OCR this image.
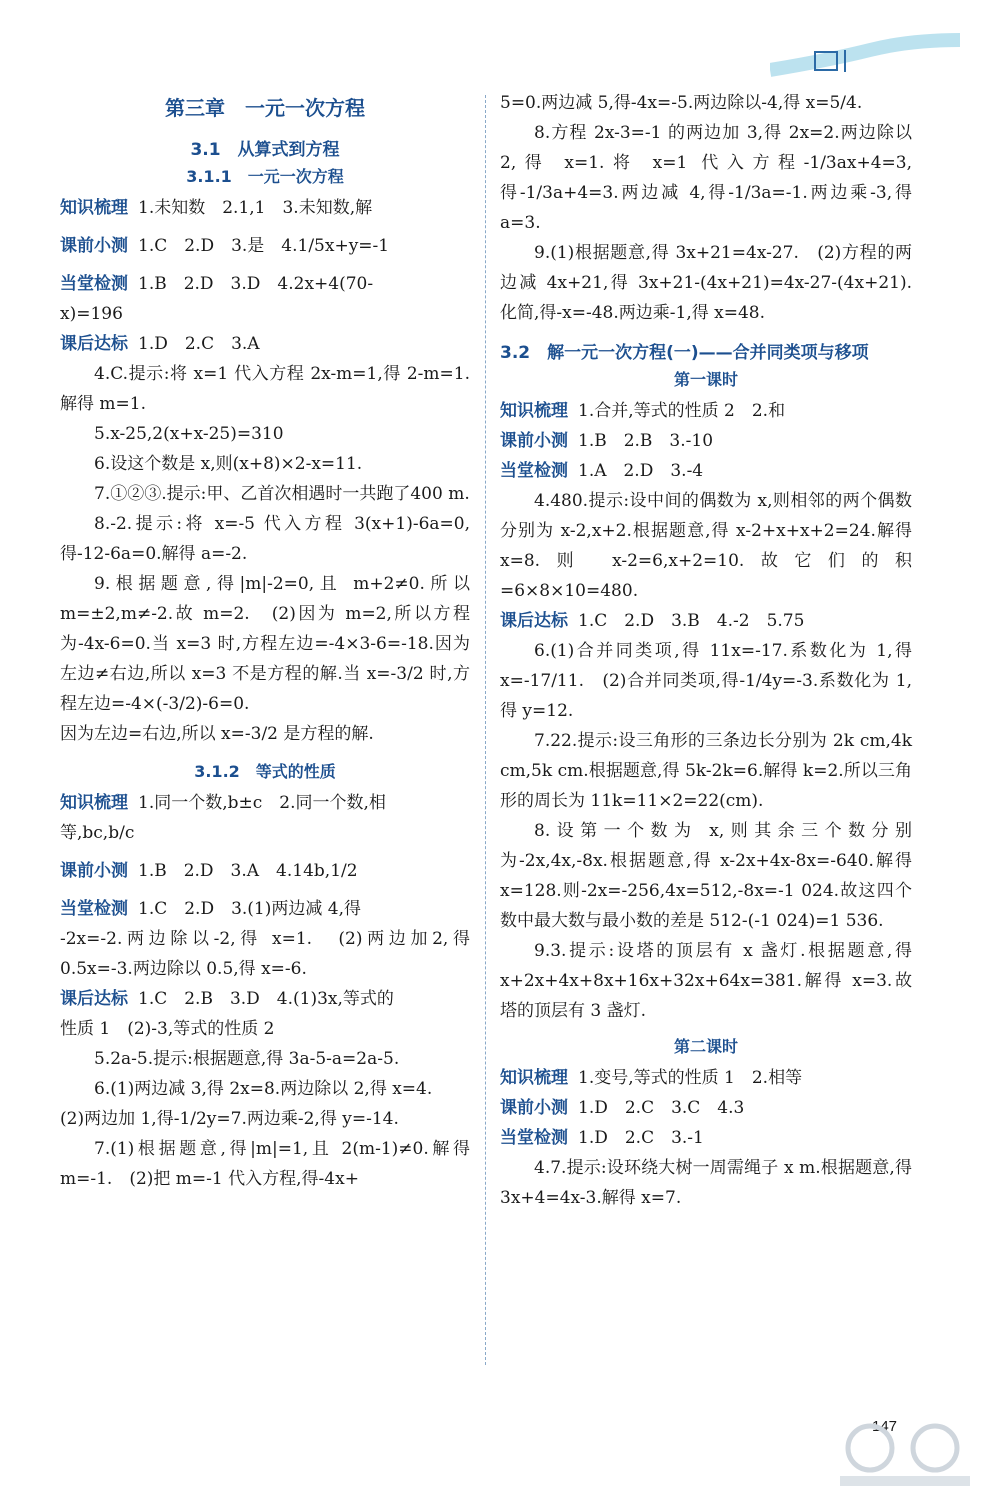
第三章　一元一次方程
3.1　从算式到方程
3.1.1　一元一次方程

知识梳理 1.未知数　2.1,1　3.未知数,解

课前小测 1.C　2.D　3.是　4.1/5x+y=-1

当堂检测 1.B　2.D　3.D　4.2x+4(70-

x)=196

课后达标 1.D　2.C　3.A

4.C.提示:将 x=1 代入方程 2x-m=1,得 2-m=1.解得 m=1.

5.x-25,2(x+x-25)=310

6.设这个数是 x,则(x+8)×2-x=11.

7.①②③.提示:甲、乙首次相遇时一共跑了400 m.

8.-2.提示:将 x=-5 代入方程 3(x+1)-6a=0,得-12-6a=0.解得 a=-2.

9.根据题意,得|m|-2=0,且 m+2≠0.所以 m=±2,m≠-2.故 m=2.　(2)因为 m=2,所以方程为-4x-6=0.当 x=3 时,方程左边=-4×3-6=-18.因为左边≠右边,所以 x=3 不是方程的解.当 x=-3/2 时,方程左边=-4×(-3/2)-6=0.

因为左边=右边,所以 x=-3/2 是方程的解.

3.1.2　等式的性质

知识梳理 1.同一个数,b±c　2.同一个数,相

等,bc,b/c

课前小测 1.B　2.D　3.A　4.14b,1/2

当堂检测 1.C　2.D　3.(1)两边减 4,得

-2x=-2.两边除以-2,得 x=1.　(2)两边加2,得 0.5x=-3.两边除以 0.5,得 x=-6.

课后达标 1.C　2.B　3.D　4.(1)3x,等式的

性质 1　(2)-3,等式的性质 2

5.2a-5.提示:根据题意,得 3a-5-a=2a-5.

6.(1)两边减 3,得 2x=8.两边除以 2,得 x=4.

(2)两边加 1,得-1/2y=7.两边乘-2,得 y=-14.

7.(1)根据题意,得|m|=1,且 2(m-1)≠0.解得 m=-1.　(2)把 m=-1 代入方程,得-4x+

5=0.两边减 5,得-4x=-5.两边除以-4,得 x=5/4.

8.方程 2x-3=-1 的两边加 3,得 2x=2.两边除以 2,得 x=1.将 x=1 代入方程-1/3ax+4=3,得-1/3a+4=3.两边减 4,得-1/3a=-1.两边乘-3,得 a=3.

9.(1)根据题意,得 3x+21=4x-27.　(2)方程的两边减 4x+21,得 3x+21-(4x+21)=4x-27-(4x+21).化简,得-x=-48.两边乘-1,得 x=48.

3.2　解一元一次方程(一)——合并同类项与移项
第一课时

知识梳理 1.合并,等式的性质 2　2.和

课前小测 1.B　2.B　3.-10

当堂检测 1.A　2.D　3.-4

4.480.提示:设中间的偶数为 x,则相邻的两个偶数分别为 x-2,x+2.根据题意,得 x-2+x+x+2=24.解得 x=8.则 x-2=6,x+2=10.故它们的积=6×8×10=480.

课后达标 1.C　2.D　3.B　4.-2　5.75

6.(1)合并同类项,得 11x=-17.系数化为 1,得 x=-17/11.　(2)合并同类项,得-1/4y=-3.系数化为 1,得 y=12.

7.22.提示:设三角形的三条边长分别为 2k cm,4k cm,5k cm.根据题意,得 5k-2k=6.解得 k=2.所以三角形的周长为 11k=11×2=22(cm).

8.设第一个数为 x,则其余三个数分别为-2x,4x,-8x.根据题意,得 x-2x+4x-8x=-640.解得 x=128.则-2x=-256,4x=512,-8x=-1 024.故这四个数中最大数与最小数的差是 512-(-1 024)=1 536.

9.3.提示:设塔的顶层有 x 盏灯.根据题意,得 x+2x+4x+8x+16x+32x+64x=381.解得 x=3.故塔的顶层有 3 盏灯.

第二课时

知识梳理 1.变号,等式的性质 1　2.相等

课前小测 1.D　2.C　3.C　4.3

当堂检测 1.D　2.C　3.-1

4.7.提示:设环绕大树一周需绳子 x m.根据题意,得 3x+4=4x-3.解得 x=7.

147
